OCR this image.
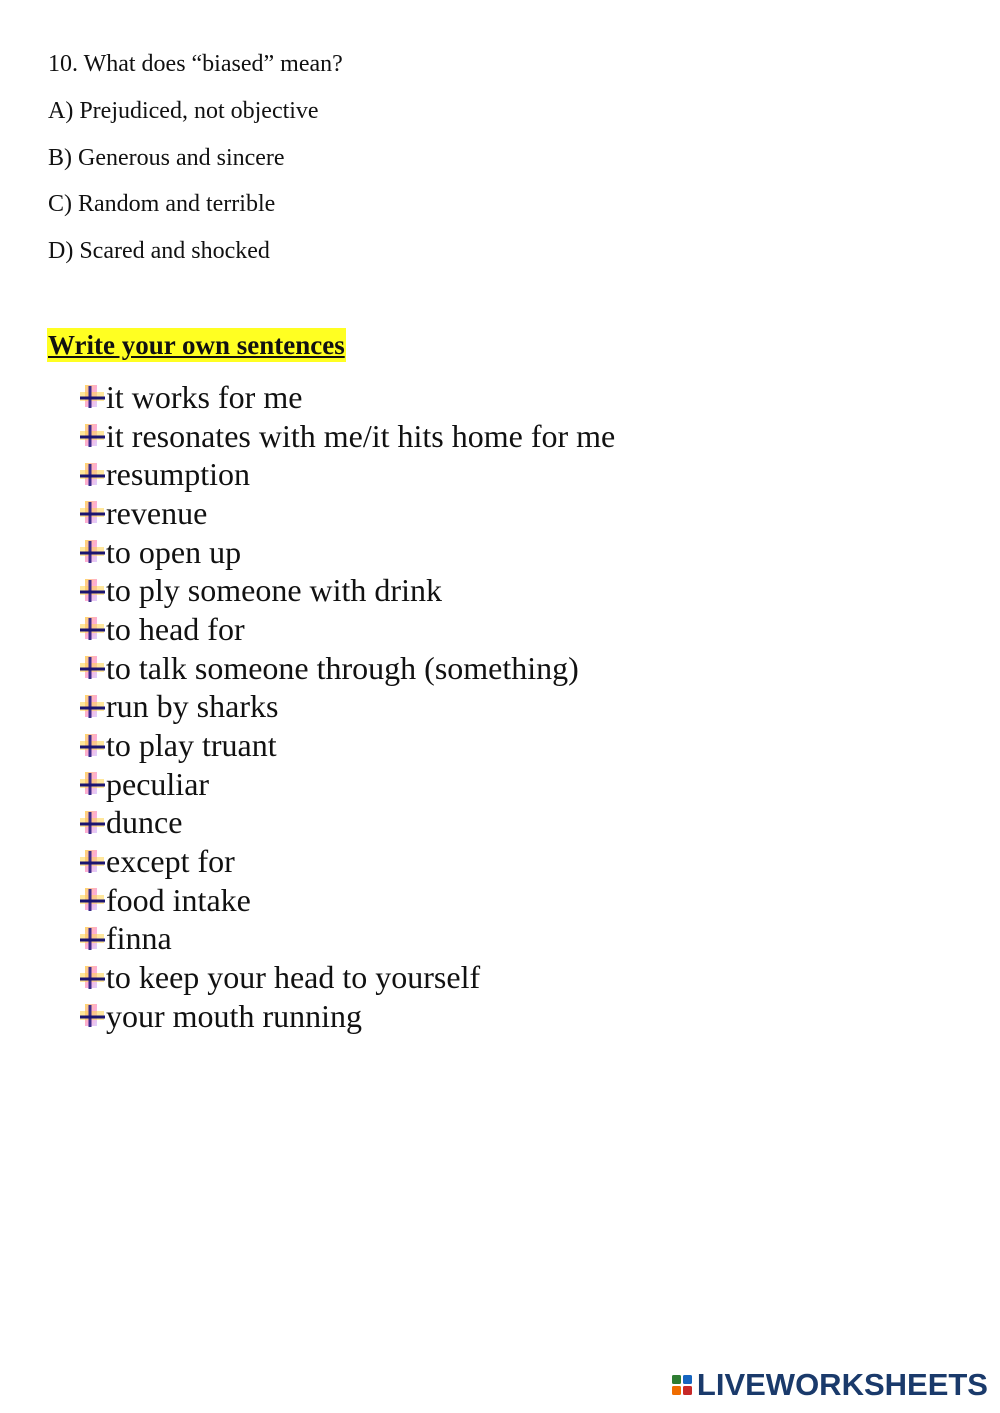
10. What does “biased” mean?
A) Prejudiced, not objective
B) Generous and sincere
C) Random and terrible
D) Scared and shocked
Write your own sentences
it works for me
it resonates with me/it hits home for me
resumption
revenue
to open up
to ply someone with drink
to head for
to talk someone through (something)
run by sharks
to play truant
peculiar
dunce
except for
food intake
finna
to keep your head to yourself
your mouth running
LIVEWORKSHEETS
